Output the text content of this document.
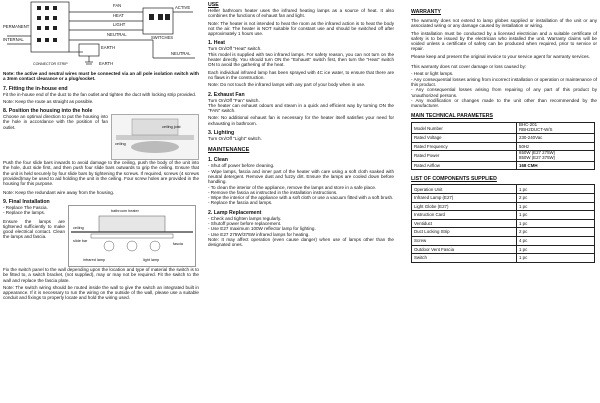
FAN
HEAT
LIGHT
ACTIVE
NEUTRAL
PERMANENT
INTERNAL	SWITCHES
NEUTRAL
EARTH
EARTH
CONNECTOR STRIP

Note: the active and neutral wires must be connected via an all pole isolation switch with a 3mm contact clearance or a plug/socket.

7. Fitting the in-house end

Fit the in-house end of the duct to the fan outlet and tighten the duct with locking strip provided.

Note: Keep the route as straight as possible.

8. Position the housing into the hole

Choose an optimal direction to put the housing into the hole in accordance with the position of fan outlet.

ceiling
ceiling joist

Push the four slide bars inwards to avoid damage to the ceiling, push the body of the unit into the hole, duct side first, and then push four slide bars outwards to grip the ceiling. Ensure that the unit is held securely by four slide bars by tightening the screws. If required, screws (4 screws provided)may be used to aid holding the unit in the ceiling. Four screw holes are provided in the housing for this purpose.

Note: Keep the redundant wire away from the housing.

9. Final Installation

- Replace The Fascia.

- Replace the lamps.

Ensure the lamps are tightened sufficiently to make good electrical contact. Clean the lamps and fascia.

bathroom heater
ceiling
slide bar
fascia
infrared lamp	light lamp

Fix the switch panel to the wall depending upon the location and type of material the switch is to be fitted to, a switch bracket, (not supplied), may or may not be required. Fit the switch to the wall and replace the fascia plate.

Note: The switch wiring should be routed inside the wall to give the switch an integrated built in appearance. If it is necessary to run the wiring on the outside of the wall, please use a suitable conduit and fixings to properly locate and hold the wiring used.

USE

Heller bathroom heater uses the infrared heating lamps as a source of heat. It also combines the functions of exhaust fan and light.

Note: The heater is not intended to heat the room as the infrared action is to heat the body not the air. The heater is NOT suitable for constant use and should be switched off after approximately 1 hours use.

1. Heat

Turn On/Off "Heat" switch.

This model is supplied with two infrared lamps. For safety reason, you can not turn on the heater directly. You should turn ON the "Exhaust" switch first, then turn the "Heat" switch ON to avoid the gathering of the heat.

Each individual infrared lamp has been sprayed with 4C ice water, to ensure that there are no flaws in the construction.

Note: Do not touch the infrared lamps with any part of your body when in use.

2. Exhaust Fan

Turn On/Off "Fan" switch.

The heater can exhaust odours and steam in a quick and efficient way by turning ON the "FAN" switch.

Note: No additional exhaust fan is necessary for the heater itself satisfies your need for exhausting in bathroom.

3. Lighting

Turn On/Off "Light" switch.

MAINTENANCE
1. Clean

- Shut off power before cleaning.

- Wipe lamps, fascia and inner part of the heater with care using a soft cloth soaked with neutral detergent. Remove dust and fuzzy dirt. Ensure the lamps are cooled down before handling.

- To clean the interior of the appliance, remove the lamps and store in a safe place.

- Remove the fascia as instructed in the installation instructions.

- Wipe the interior of the appliance with a soft cloth or use a vacuum fitted with a soft brush.

- Replace the fascia and lamps.

2. Lamp Replacement

- Check and tighten lamps regularly.

- Shutoff power before replacement.

- Use E27 maximum 100W reflector lamp for lighting.

- Use E27 275W/375W infrared lamps for heating.

Note: It may affect operation (even cause danger) when use of lamps other than the designated ones.

WARRANTY

The warranty does not extend to lamp globes supplied or installation of the unit or any associated wiring or any damage caused by installation or wiring.

The installation must be conducted by a licensed electrician and a suitable certificate of safety is to be issued by the electrician who installed the unit. Warranty claims will be voided unless a certificate of safety can be produced when required, prior to service or repair.

Please keep and present the original invoice to your service agent for warranty services.

This warranty does not cover damage or loss caused by:

- Heat or light lamps.

- Any consequential losses arising from incorrect installation or operation or maintenance of this product.

- Any consequential losses arising from repairing of any part of this product by 'unauthorized persons.

- Any modification or changes made to the unit other than recommended by the manufacturer.

MAIN TECHNICAL PARAMETERS
Model Number	BHC-201
RBH2DUCT-W/S
Rated Voltage	230-240Vac
Rated Frequency	50Hz
Rated Power	650W (E27 275W)
850W (E27 375W)
Rated Airflow	168 CMH
LIST OF COMPONENTS SUPPLIED
Operation Unit	1 pc
Infrared Lamp (E27)	2 pc
Light Globe (E27)	1 pc
Instruction Card	1 pc
Ventiduct	1 pc
Duct Locking Strip	2 pc
Screw	4 pc
Outdoor Vent Fascia	1 pc
Switch	1 pc
